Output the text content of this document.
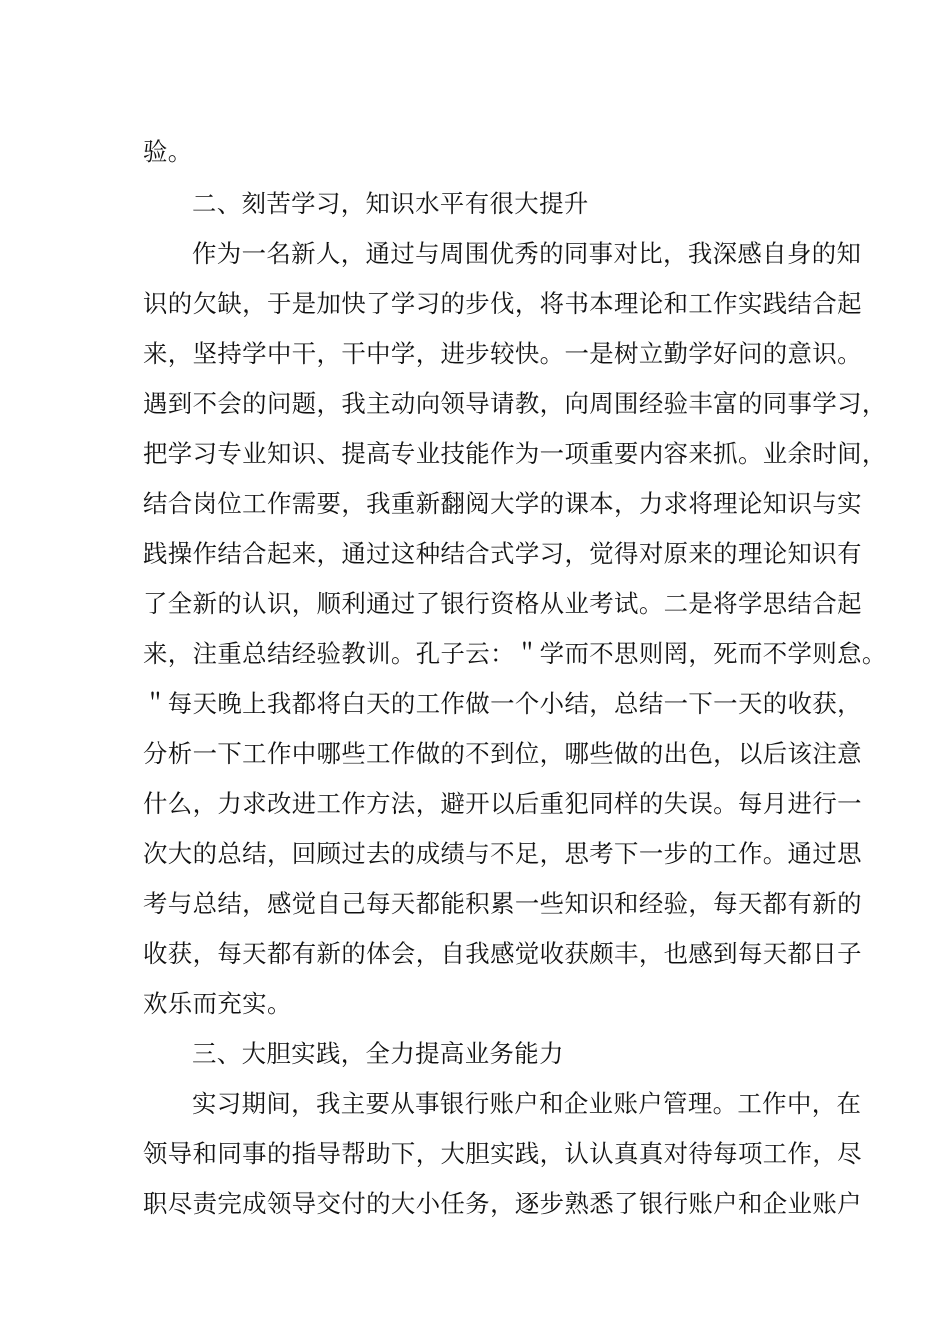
验。
二、刻苦学习，知识水平有很大提升
作为一名新人，通过与周围优秀的同事对比，我深感自身的知
识的欠缺，于是加快了学习的步伐，将书本理论和工作实践结合起
来，坚持学中干，干中学，进步较快。一是树立勤学好问的意识。
遇到不会的问题，我主动向领导请教，向周围经验丰富的同事学习，
把学习专业知识、提高专业技能作为一项重要内容来抓。业余时间，
结合岗位工作需要，我重新翻阅大学的课本，力求将理论知识与实
践操作结合起来，通过这种结合式学习，觉得对原来的理论知识有
了全新的认识，顺利通过了银行资格从业考试。二是将学思结合起
来，注重总结经验教训。孔子云：＂学而不思则罔，死而不学则怠。
＂每天晚上我都将白天的工作做一个小结，总结一下一天的收获，
分析一下工作中哪些工作做的不到位，哪些做的出色，以后该注意
什么，力求改进工作方法，避开以后重犯同样的失误。每月进行一
次大的总结，回顾过去的成绩与不足，思考下一步的工作。通过思
考与总结，感觉自己每天都能积累一些知识和经验，每天都有新的
收获，每天都有新的体会，自我感觉收获颇丰，也感到每天都日子
欢乐而充实。
三、大胆实践，全力提高业务能力
实习期间，我主要从事银行账户和企业账户管理。工作中，在
领导和同事的指导帮助下，大胆实践，认认真真对待每项工作，尽
职尽责完成领导交付的大小任务，逐步熟悉了银行账户和企业账户
